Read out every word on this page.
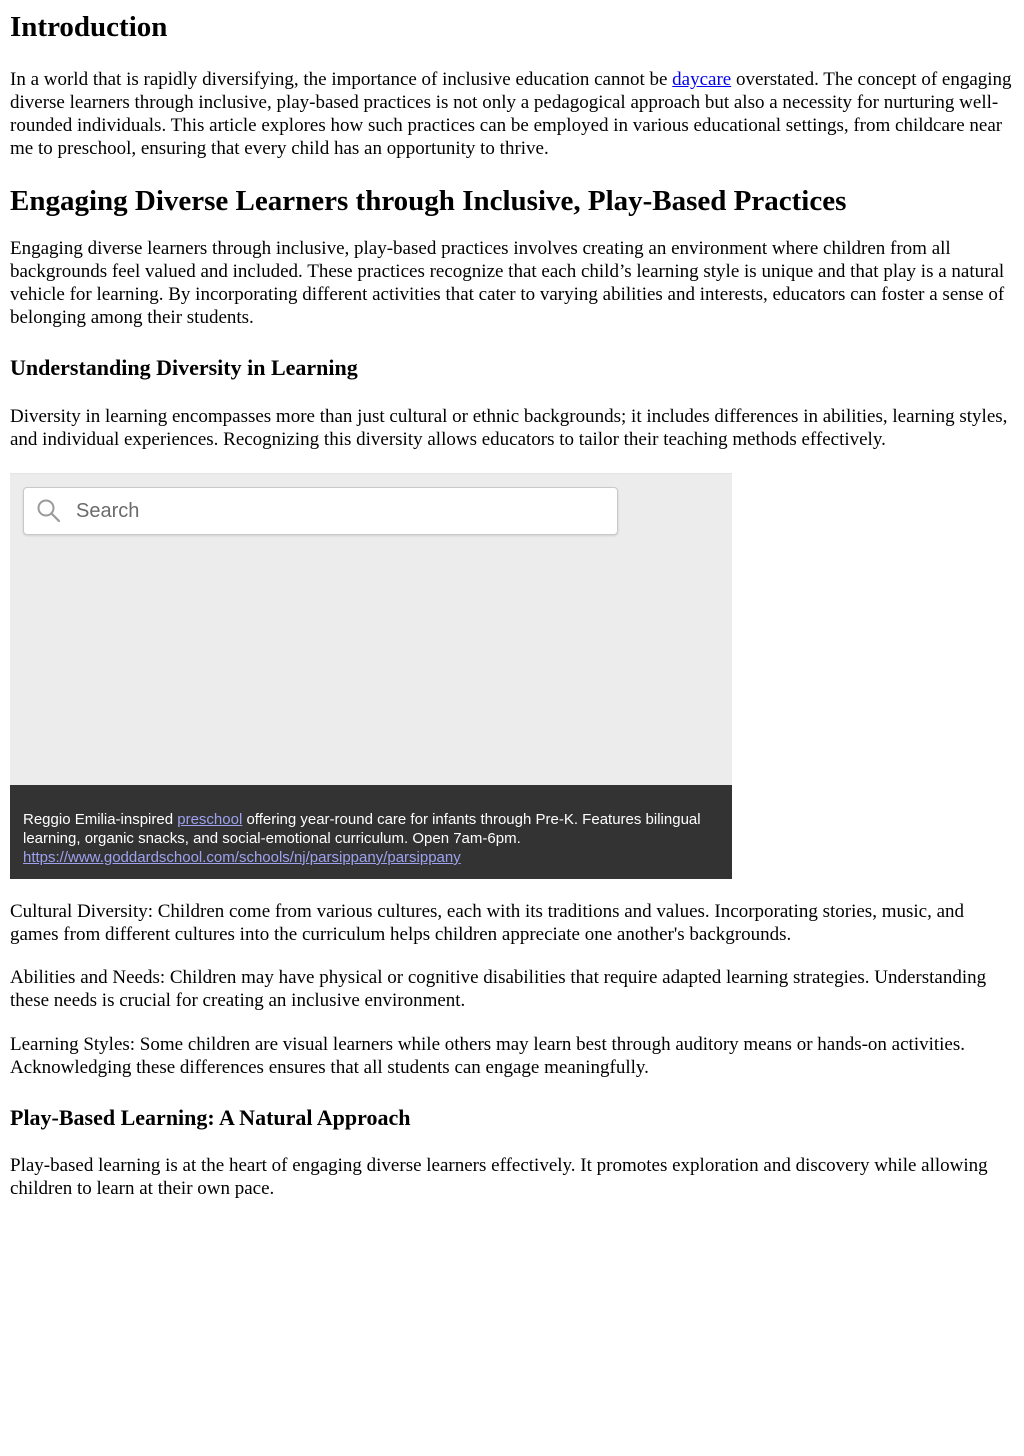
Introduction

In a world that is rapidly diversifying, the importance of inclusive education cannot be daycare overstated. The concept of engaging diverse learners through inclusive, play-based practices is not only a pedagogical approach but also a necessity for nurturing well-rounded individuals. This article explores how such practices can be employed in various educational settings, from childcare near me to preschool, ensuring that every child has an opportunity to thrive.

Engaging Diverse Learners through Inclusive, Play-Based Practices

Engaging diverse learners through inclusive, play-based practices involves creating an environment where children from all backgrounds feel valued and included. These practices recognize that each child’s learning style is unique and that play is a natural vehicle for learning. By incorporating different activities that cater to varying abilities and interests, educators can foster a sense of belonging among their students.

Understanding Diversity in Learning

Diversity in learning encompasses more than just cultural or ethnic backgrounds; it includes differences in abilities, learning styles, and individual experiences. Recognizing this diversity allows educators to tailor their teaching methods effectively.

Search
Reggio Emilia-inspired preschool offering year-round care for infants through Pre-K. Features bilingual learning, organic snacks, and social-emotional curriculum. Open 7am-6pm.
https://www.goddardschool.com/schools/nj/parsippany/parsippany

Cultural Diversity: Children come from various cultures, each with its traditions and values. Incorporating stories, music, and games from different cultures into the curriculum helps children appreciate one another's backgrounds.

Abilities and Needs: Children may have physical or cognitive disabilities that require adapted learning strategies. Understanding these needs is crucial for creating an inclusive environment.

Learning Styles: Some children are visual learners while others may learn best through auditory means or hands-on activities. Acknowledging these differences ensures that all students can engage meaningfully.

Play-Based Learning: A Natural Approach

Play-based learning is at the heart of engaging diverse learners effectively. It promotes exploration and discovery while allowing children to learn at their own pace.
